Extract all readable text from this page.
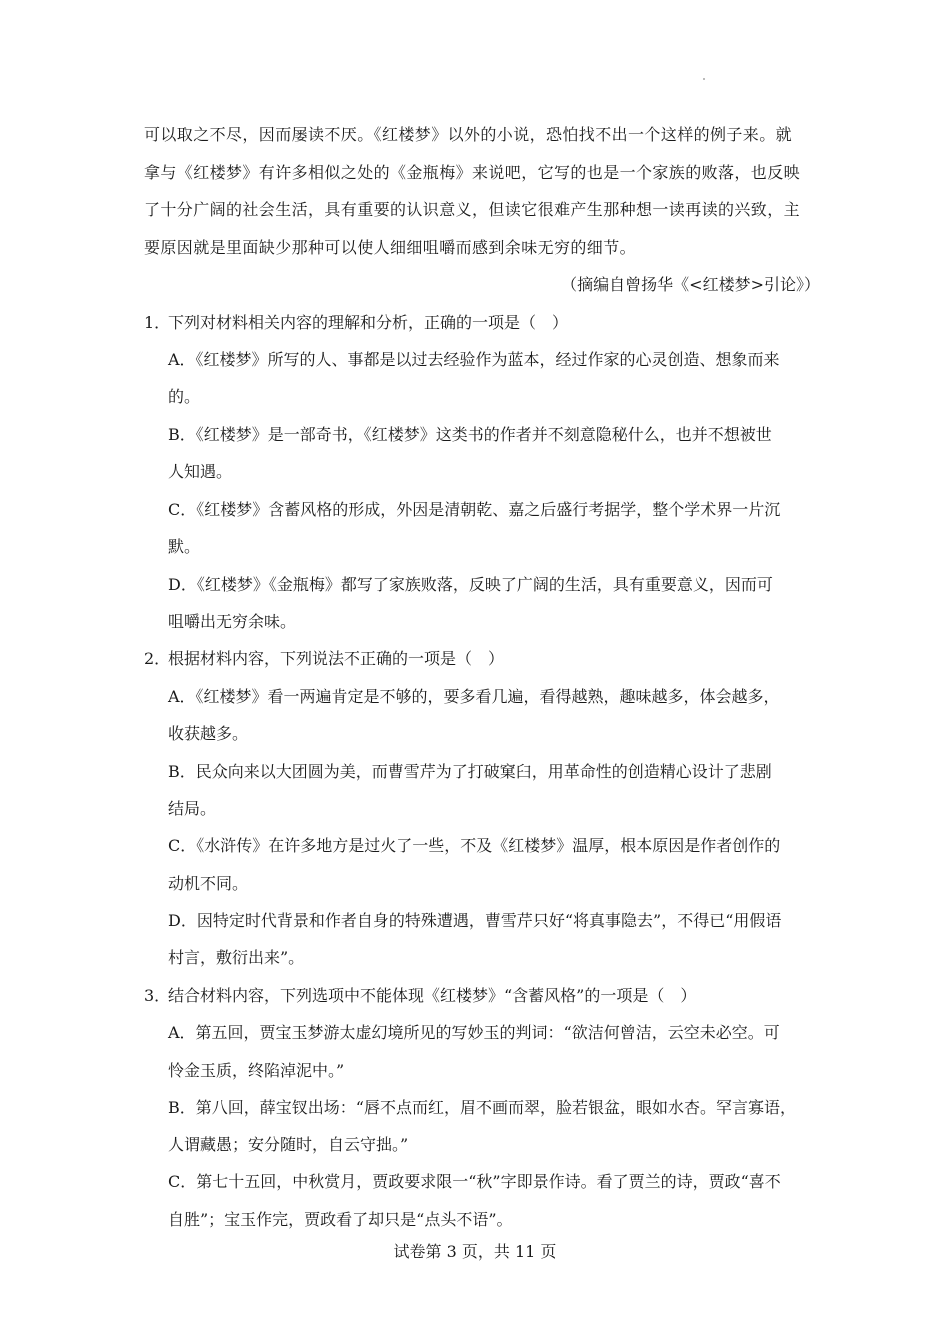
可以取之不尽，因而屡读不厌。《红楼梦》以外的小说，恐怕找不出一个这样的例子来。就
拿与《红楼梦》有许多相似之处的《金瓶梅》来说吧，它写的也是一个家族的败落，也反映
了十分广阔的社会生活，具有重要的认识意义，但读它很难产生那种想一读再读的兴致，主
要原因就是里面缺少那种可以使人细细咀嚼而感到余味无穷的细节。
（摘编自曾扬华《<红楼梦>引论》）
1．下列对材料相关内容的理解和分析，正确的一项是（　）
A．《红楼梦》所写的人、事都是以过去经验作为蓝本，经过作家的心灵创造、想象而来
的。
B．《红楼梦》是一部奇书，《红楼梦》这类书的作者并不刻意隐秘什么，也并不想被世
人知遇。
C．《红楼梦》含蓄风格的形成，外因是清朝乾、嘉之后盛行考据学，整个学术界一片沉
默。
D．《红楼梦》《金瓶梅》都写了家族败落，反映了广阔的生活，具有重要意义，因而可
咀嚼出无穷余味。
2．根据材料内容，下列说法不正确的一项是（　）
A．《红楼梦》看一两遍肯定是不够的，要多看几遍，看得越熟，趣味越多，体会越多，
收获越多。
B．民众向来以大团圆为美，而曹雪芹为了打破窠臼，用革命性的创造精心设计了悲剧
结局。
C．《水浒传》在许多地方是过火了一些，不及《红楼梦》温厚，根本原因是作者创作的
动机不同。
D．因特定时代背景和作者自身的特殊遭遇，曹雪芹只好“将真事隐去”，不得已“用假语
村言，敷衍出来”。
3．结合材料内容，下列选项中不能体现《红楼梦》“含蓄风格”的一项是（　）
A．第五回，贾宝玉梦游太虚幻境所见的写妙玉的判词：“欲洁何曾洁，云空未必空。可
怜金玉质，终陷淖泥中。”
B．第八回，薛宝钗出场：“唇不点而红，眉不画而翠，脸若银盆，眼如水杏。罕言寡语，
人谓藏愚；安分随时，自云守拙。”
C．第七十五回，中秋赏月，贾政要求限一“秋”字即景作诗。看了贾兰的诗，贾政“喜不
自胜”；宝玉作完，贾政看了却只是“点头不语”。
试卷第 3 页，共 11 页
